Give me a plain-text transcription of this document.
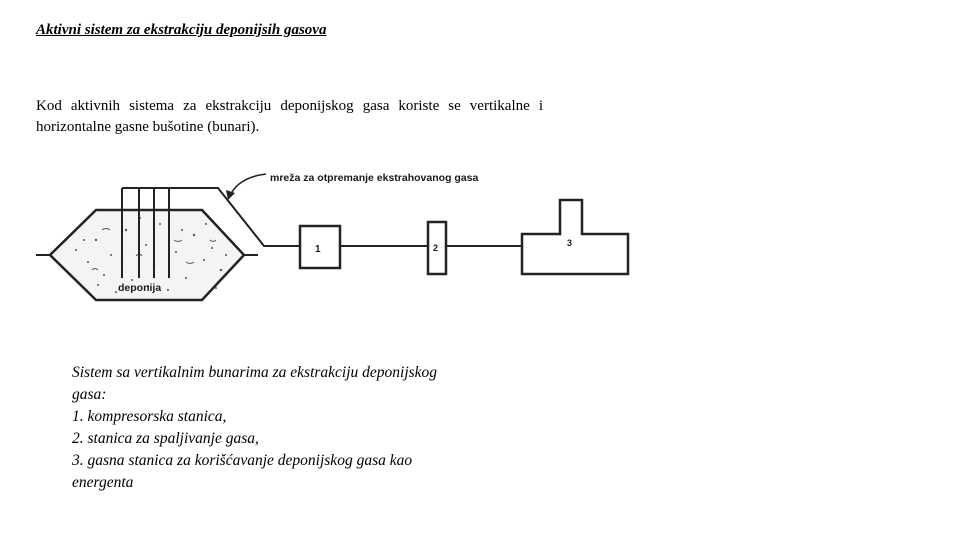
Aktivni sistem za ekstrakciju deponijsih gasova
Kod aktivnih sistema za ekstrakciju deponijskog gasa koriste se vertikalne i horizontalne gasne bušotine (bunari).
mreža za otpremanje ekstrahovanog gasa
1	2	3
deponija
Sistem sa vertikalnim bunarima za ekstrakciju deponijskog
gasa:
1. kompresorska stanica,
2. stanica za spaljivanje gasa,
3. gasna stanica za korišćavanje deponijskog gasa kao
energenta
